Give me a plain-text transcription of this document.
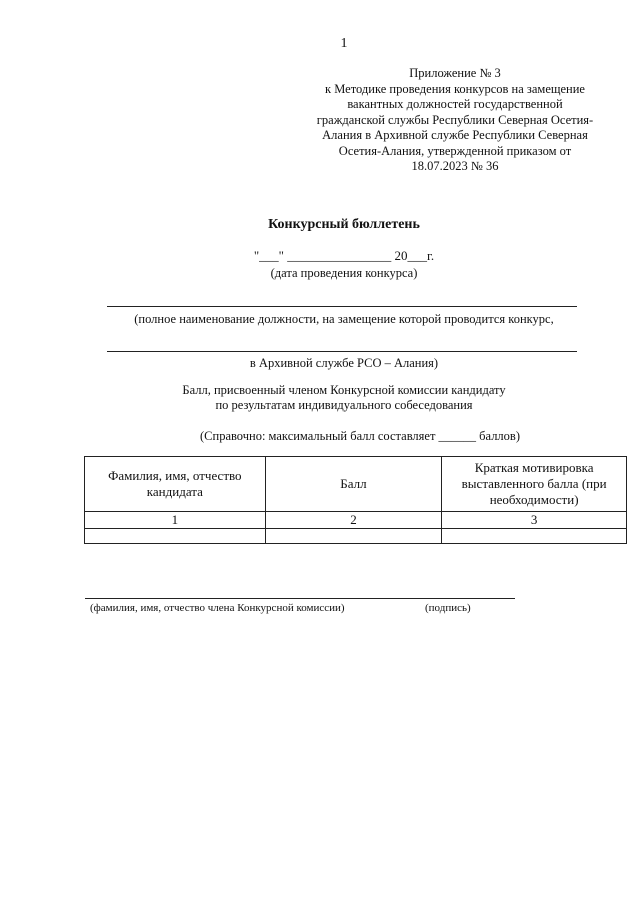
1
Приложение № 3
к Методике проведения конкурсов на замещение
вакантных должностей государственной
гражданской службы Республики Северная Осетия-
Алания в Архивной службе Республики Северная
Осетия-Алания, утвержденной приказом от
18.07.2023 № 36
Конкурсный бюллетень
"___" ________________ 20___г.
(дата проведения конкурса)
(полное наименование должности, на замещение которой проводится конкурс,
в Архивной службе РСО – Алания)
Балл, присвоенный членом Конкурсной комиссии кандидату
по результатам индивидуального собеседования
(Справочно: максимальный балл составляет ______ баллов)
Фамилия, имя, отчество кандидата	Балл	Краткая мотивировка выставленного балла (при необходимости)
1	2	3

(фамилия, имя, отчество члена Конкурсной комиссии)	(подпись)
